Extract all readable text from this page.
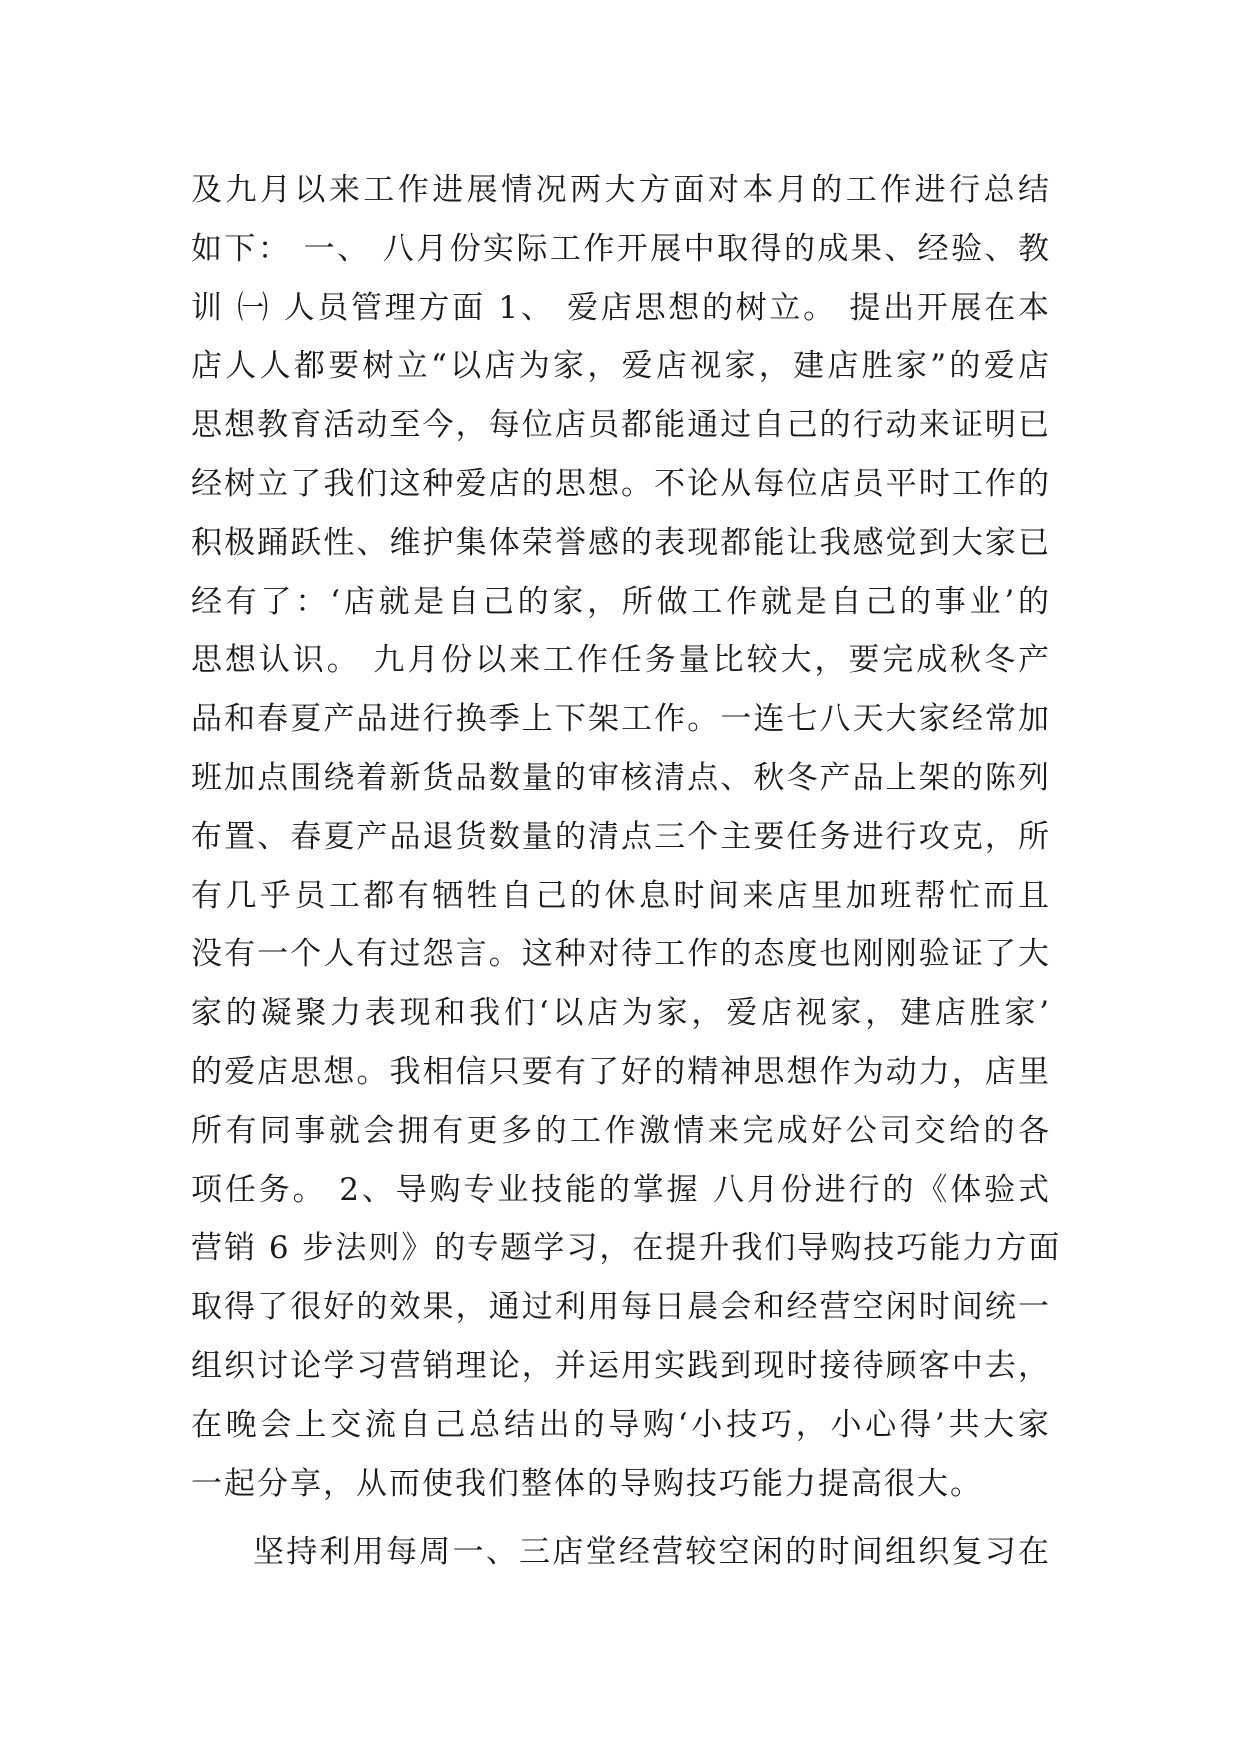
及九月以来工作进展情况两大方面对本月的工作进行总结
如下： 一、 八月份实际工作开展中取得的成果、经验、教
训 ㈠ 人员管理方面 1、 爱店思想的树立。 提出开展在本
店人人都要树立“以店为家，爱店视家，建店胜家”的爱店
思想教育活动至今，每位店员都能通过自己的行动来证明已
经树立了我们这种爱店的思想。不论从每位店员平时工作的
积极踊跃性、维护集体荣誉感的表现都能让我感觉到大家已
经有了：‘店就是自己的家，所做工作就是自己的事业’的
思想认识。 九月份以来工作任务量比较大，要完成秋冬产
品和春夏产品进行换季上下架工作。一连七八天大家经常加
班加点围绕着新货品数量的审核清点、秋冬产品上架的陈列
布置、春夏产品退货数量的清点三个主要任务进行攻克，所
有几乎员工都有牺牲自己的休息时间来店里加班帮忙而且
没有一个人有过怨言。这种对待工作的态度也刚刚验证了大
家的凝聚力表现和我们‘以店为家，爱店视家，建店胜家’
的爱店思想。我相信只要有了好的精神思想作为动力，店里
所有同事就会拥有更多的工作激情来完成好公司交给的各
项任务。 2、导购专业技能的掌握 八月份进行的《体验式
营销 6 步法则》的专题学习，在提升我们导购技巧能力方面
取得了很好的效果，通过利用每日晨会和经营空闲时间统一
组织讨论学习营销理论，并运用实践到现时接待顾客中去，
在晚会上交流自己总结出的导购‘小技巧，小心得’共大家
一起分享，从而使我们整体的导购技巧能力提高很大。
坚持利用每周一、三店堂经营较空闲的时间组织复习在
